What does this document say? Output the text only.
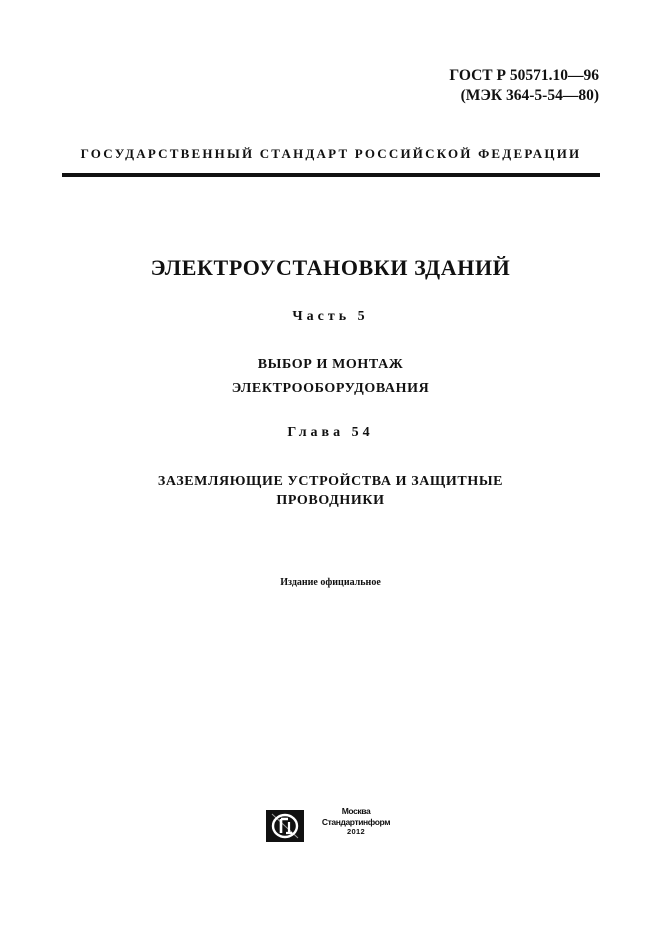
ГОСТ Р 50571.10—96
(МЭК 364-5-54—80)
ГОСУДАРСТВЕННЫЙ СТАНДАРТ РОССИЙСКОЙ ФЕДЕРАЦИИ
ЭЛЕКТРОУСТАНОВКИ ЗДАНИЙ
Часть 5
ВЫБОР И МОНТАЖ
ЭЛЕКТРООБОРУДОВАНИЯ
Глава 54
ЗАЗЕМЛЯЮЩИЕ УСТРОЙСТВА И ЗАЩИТНЫЕ
ПРОВОДНИКИ
Издание официальное
Москва
Стандартинформ
2012
